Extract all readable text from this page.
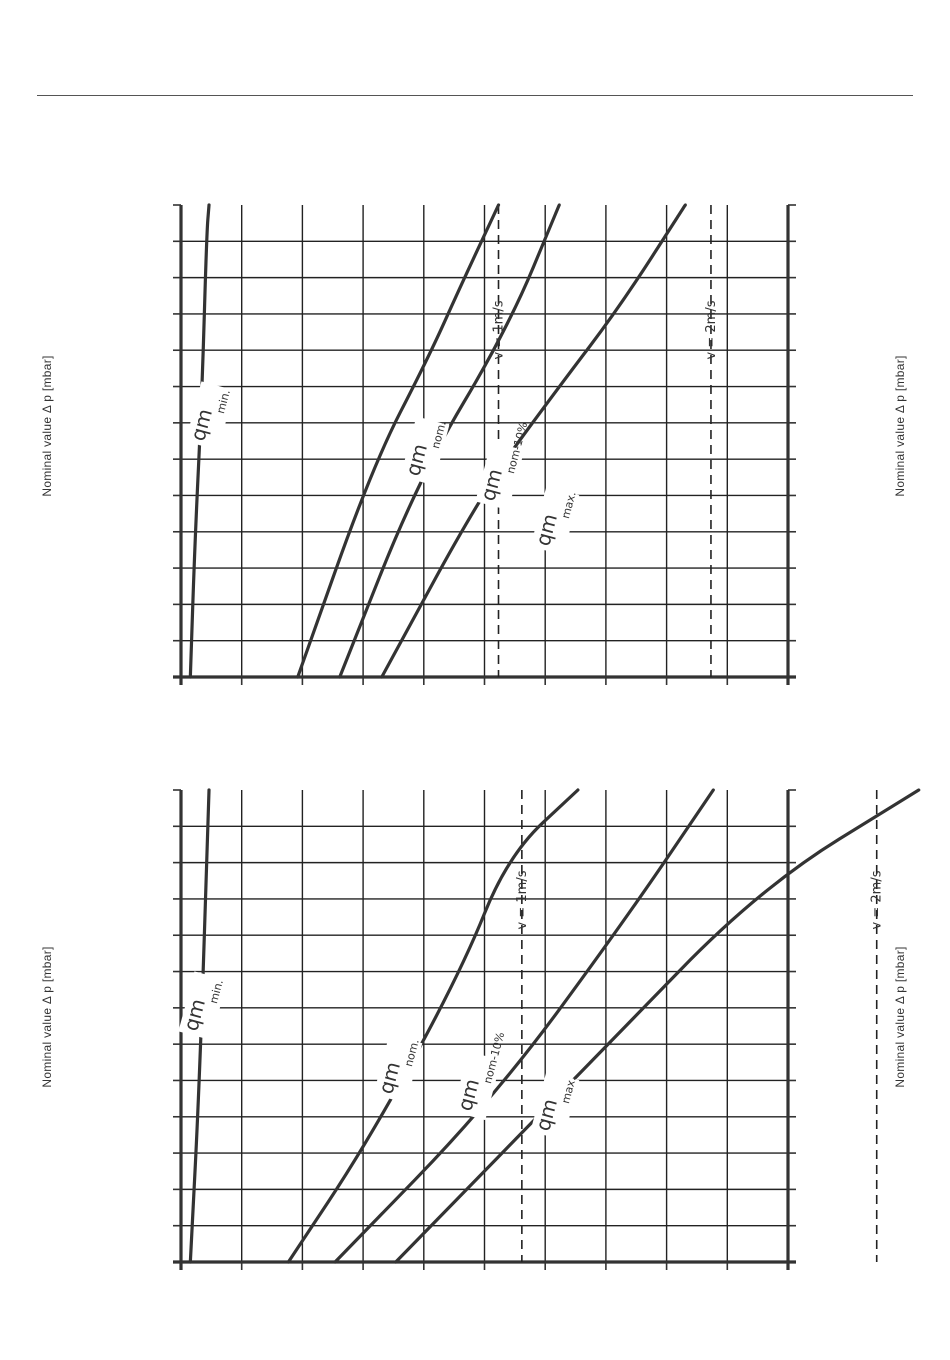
Nominal value Δ p [mbar]	Nominal value Δ p [mbar]
Nominal value Δ p [mbar]	Nominal value Δ p [mbar]
v = 1m/s	v = 2m/s
qm
min.
qm
nom.
qm
nom-10%
qm
max.
v = 1m/s	v = 2m/s
qm
min.
qm
nom.
qm
nom-10%
qm
max.
